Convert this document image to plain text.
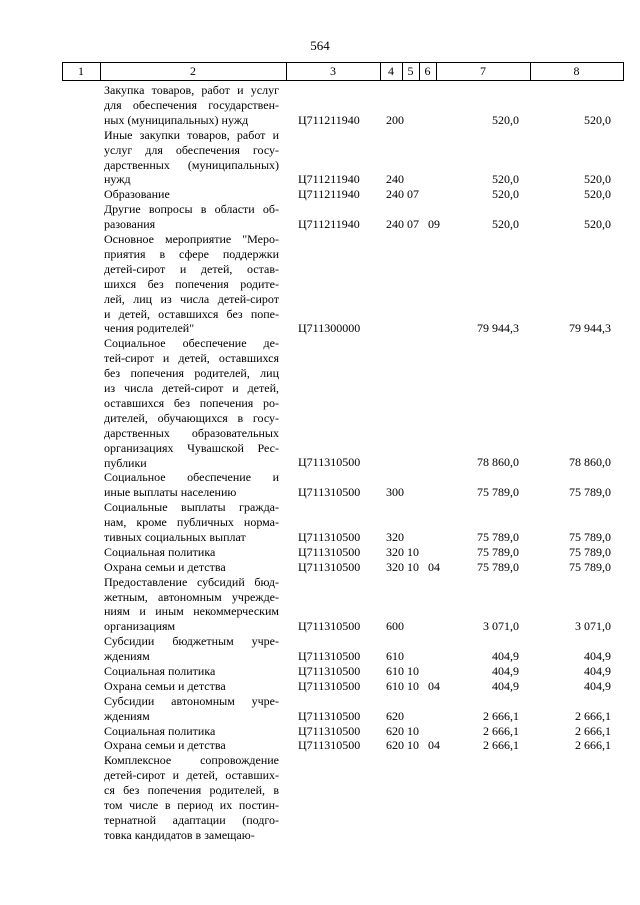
564
1	2	3	4	5 6	7	8
Закупка товаров, работ и услуг
для обеспечения государствен-
ных (муниципальных) нужд	Ц711211940 200	520,0	520,0
Иные закупки товаров, работ и
услуг для обеспечения госу-
дарственных (муниципальных)
нужд	Ц711211940 240	520,0	520,0
Образование	Ц711211940 240 07	520,0	520,0
Другие вопросы в области об-
разования	Ц711211940 240 07 09	520,0	520,0
Основное мероприятие "Меро-
приятия в сфере поддержки
детей-сирот и детей, остав-
шихся без попечения родите-
лей, лиц из числа детей-сирот
и детей, оставшихся без попе-
чения родителей"	Ц711300000	79 944,3	79 944,3
Социальное обеспечение де-
тей-сирот и детей, оставшихся
без попечения родителей, лиц
из числа детей-сирот и детей,
оставшихся без попечения ро-
дителей, обучающихся в госу-
дарственных образовательных
организациях Чувашской Рес-
публики	Ц711310500	78 860,0	78 860,0
Социальное обеспечение и
иные выплаты населению	Ц711310500 300	75 789,0	75 789,0
Социальные выплаты гражда-
нам, кроме публичных норма-
тивных социальных выплат	Ц711310500 320	75 789,0	75 789,0
Социальная политика	Ц711310500 320 10	75 789,0	75 789,0
Охрана семьи и детства	Ц711310500 320 10 04	75 789,0	75 789,0
Предоставление субсидий бюд-
жетным, автономным учрежде-
ниям и иным некоммерческим
организациям	Ц711310500 600	3 071,0	3 071,0
Субсидии бюджетным учре-
ждениям	Ц711310500 610	404,9	404,9
Социальная политика	Ц711310500 610 10	404,9	404,9
Охрана семьи и детства	Ц711310500 610 10 04	404,9	404,9
Субсидии автономным учре-
ждениям	Ц711310500 620	2 666,1	2 666,1
Социальная политика	Ц711310500 620 10	2 666,1	2 666,1
Охрана семьи и детства	Ц711310500 620 10 04	2 666,1	2 666,1
Комплексное сопровождение
детей-сирот и детей, оставших-
ся без попечения родителей, в
том числе в период их постин-
тернатной адаптации (подго-
товка кандидатов в замещаю-
